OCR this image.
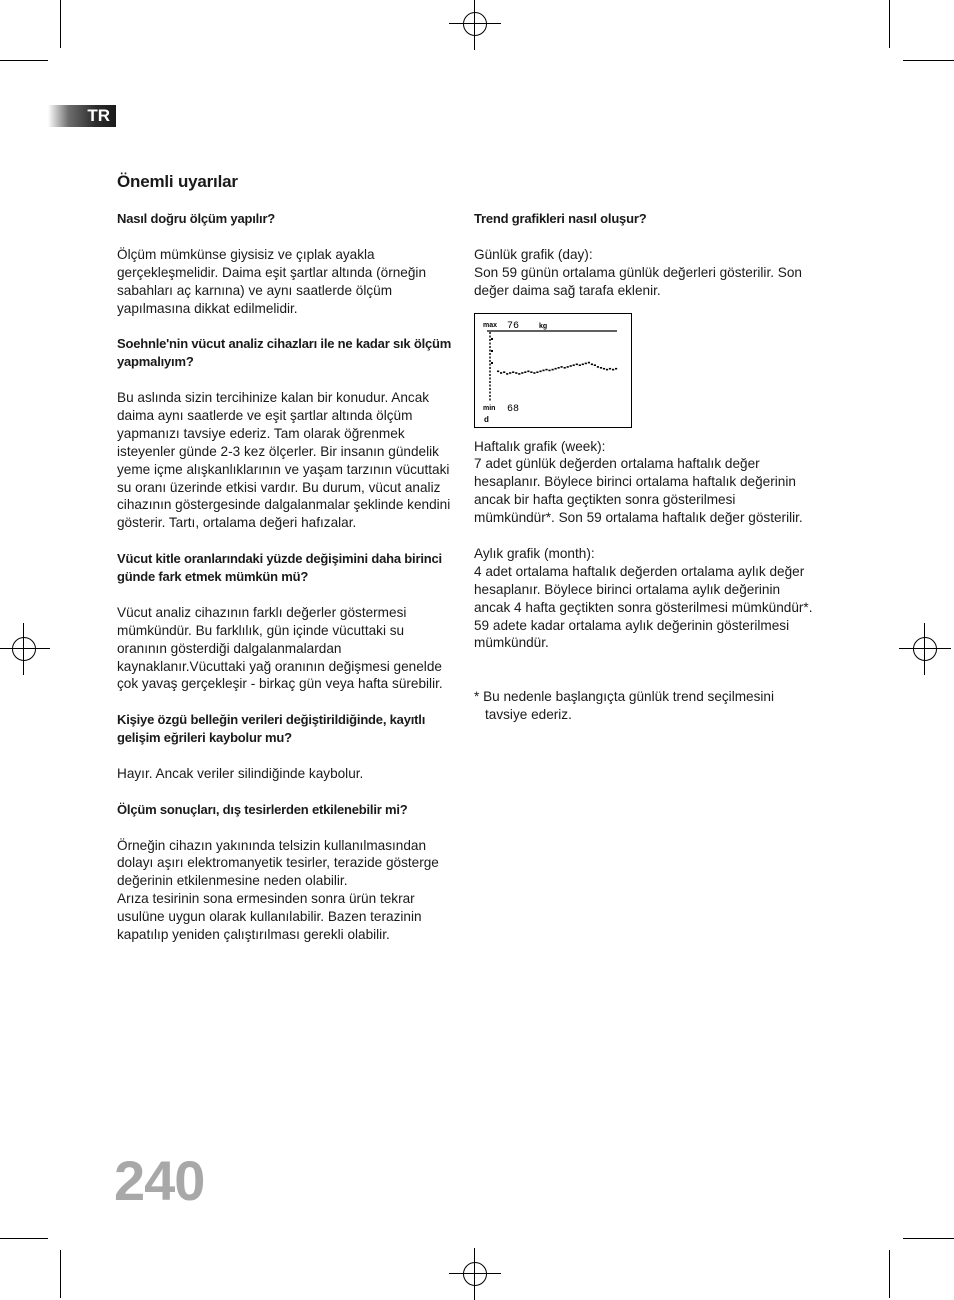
TR
Önemli uyarılar

Nasıl doğru ölçüm yapılır?

Ölçüm mümkünse giysisiz ve çıplak ayakla gerçekleşmelidir. Daima eşit şartlar altında (örneğin sabahları aç karnına) ve aynı saatlerde ölçüm yapılmasına dikkat edilmelidir.

Soehnle'nin vücut analiz cihazları ile ne kadar sık ölçüm yapmalıyım?

Bu aslında sizin tercihinize kalan bir konudur. Ancak daima aynı saatlerde ve eşit şartlar altında ölçüm yapmanızı tavsiye ederiz. Tam olarak öğrenmek isteyenler günde 2-3 kez ölçerler. Bir insanın gündelik yeme içme alışkanlıklarının ve yaşam tarzının vücuttaki su oranı üzerinde etkisi vardır. Bu durum, vücut analiz cihazının göstergesinde dalgalanmalar şeklinde kendini gösterir. Tartı, ortalama değeri hafızalar.

Vücut kitle oranlarındaki yüzde değişimini daha birinci günde fark etmek mümkün mü?

Vücut analiz cihazının farklı değerler göstermesi mümkündür. Bu farklılık, gün içinde vücuttaki su oranının gösterdiği dalgalanmalardan kaynaklanır.Vücuttaki yağ oranının değişmesi genelde çok yavaş gerçekleşir - birkaç gün veya hafta sürebilir.

Kişiye özgü belleğin verileri değiştirildiğinde, kayıtlı gelişim eğrileri kaybolur mu?

Hayır. Ancak veriler silindiğinde kaybolur.

Ölçüm sonuçları, dış tesirlerden etkilenebilir mi?

Örneğin cihazın yakınında telsizin kullanılmasından dolayı aşırı elektromanyetik tesirler, terazide gösterge değerinin etkilenmesine neden olabilir.
Arıza tesirinin sona ermesinden sonra ürün tekrar usulüne uygun olarak kullanılabilir. Bazen terazinin kapatılıp yeniden çalıştırılması gerekli olabilir.

Trend grafikleri nasıl oluşur?

Günlük grafik (day):

Son 59 günün ortalama günlük değerleri gösterilir. Son değer daima sağ tarafa eklenir.

Haftalık grafik (week):

7 adet günlük değerden ortalama haftalık değer hesaplanır. Böylece birinci ortalama haftalık değerinin ancak bir hafta geçtikten sonra gösterilmesi mümkündür*. Son 59 ortalama haftalık değer gösterilir.

Aylık grafik (month):

4 adet ortalama haftalık değerden ortalama aylık değer hesaplanır. Böylece birinci ortalama aylık değerinin ancak 4 hafta geçtikten sonra gösterilmesi mümkündür*. 59 adete kadar ortalama aylık değerinin gösterilmesi mümkündür.

* Bu nedenle başlangıçta günlük trend seçilmesini tavsiye ederiz.

max 76	kg
min 68
d
240
